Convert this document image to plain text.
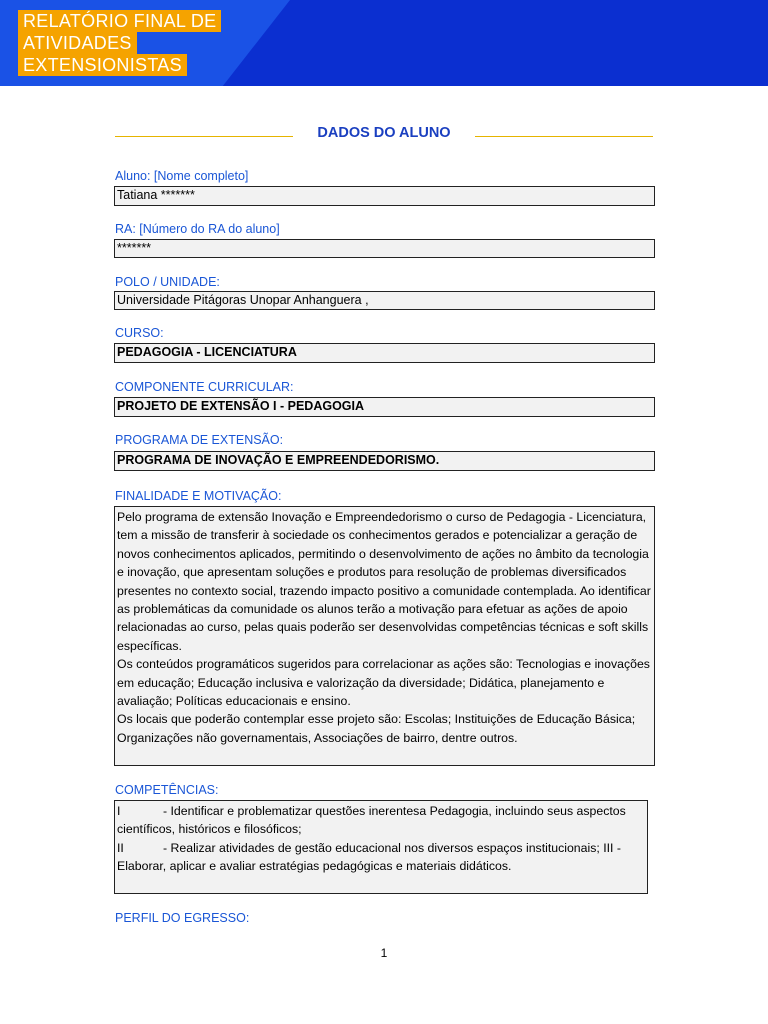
RELATÓRIO FINAL DE
ATIVIDADES
EXTENSIONISTAS
DADOS DO ALUNO
Aluno: [Nome completo]
Tatiana *******
RA: [Número do RA do aluno]
*******
POLO / UNIDADE:
Universidade Pitágoras Unopar Anhanguera ,
CURSO:
PEDAGOGIA - LICENCIATURA
COMPONENTE CURRICULAR:
PROJETO DE EXTENSÃO I - PEDAGOGIA
PROGRAMA DE EXTENSÃO:
PROGRAMA DE INOVAÇÃO E EMPREENDEDORISMO.
FINALIDADE E MOTIVAÇÃO:
Pelo programa de extensão Inovação e Empreendedorismo o curso de Pedagogia - Licenciatura, tem a missão de transferir à sociedade os conhecimentos gerados e potencializar a geração de novos conhecimentos aplicados, permitindo o desenvolvimento de ações no âmbito da tecnologia e inovação, que apresentam soluções e produtos para resolução de problemas diversificados presentes no contexto social, trazendo impacto positivo a comunidade contemplada. Ao identificar as problemáticas da comunidade os alunos terão a motivação para efetuar as ações de apoio relacionadas ao curso, pelas quais poderão ser desenvolvidas competências técnicas e soft skills específicas.
Os conteúdos programáticos sugeridos para correlacionar as ações são: Tecnologias e inovações em educação; Educação inclusiva e valorização da diversidade; Didática, planejamento e avaliação; Políticas educacionais e ensino.
Os locais que poderão contemplar esse projeto são: Escolas; Instituições de Educação Básica; Organizações não governamentais, Associações de bairro, dentre outros.
COMPETÊNCIAS:
I	- Identificar e problematizar questões inerentesa Pedagogia, incluindo seus aspectos científicos, históricos e filosóficos;
II	- Realizar atividades de gestão educacional nos diversos espaços institucionais; III - Elaborar, aplicar e avaliar estratégias pedagógicas e materiais didáticos.
PERFIL DO EGRESSO:
1
